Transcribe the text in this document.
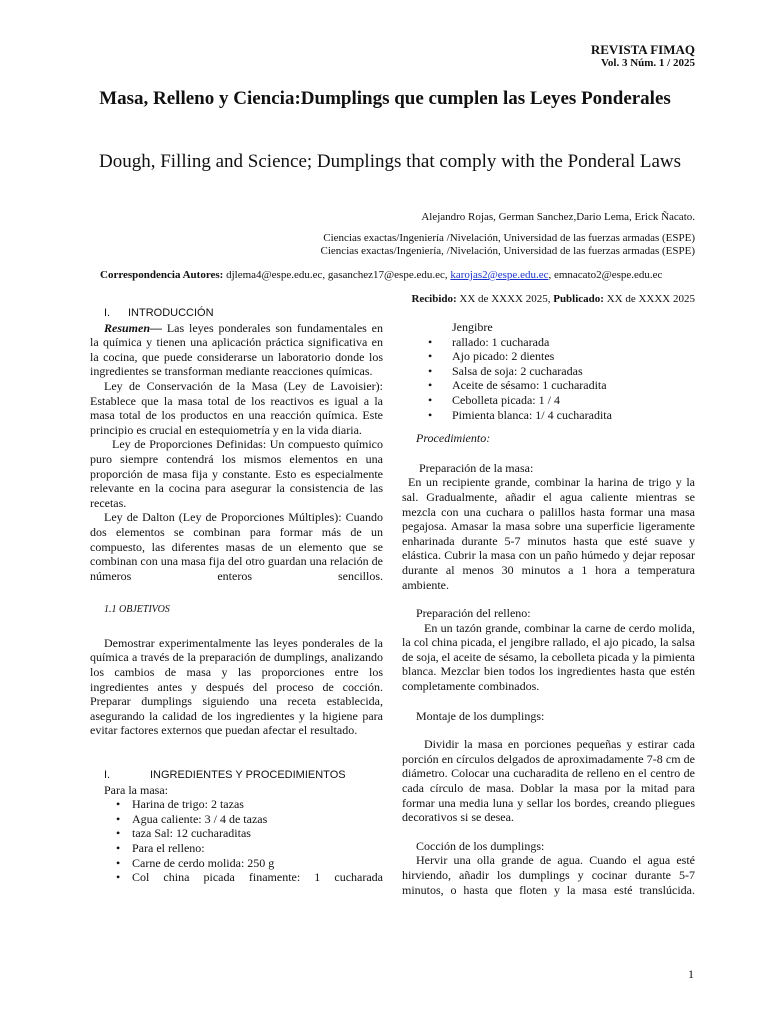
REVISTA FIMAQ
Vol. 3 Núm. 1 / 2025
Masa, Relleno y Ciencia:Dumplings que cumplen las Leyes Ponderales
Dough, Filling and Science; Dumplings that comply with the Ponderal Laws
Alejandro Rojas, German Sanchez,Dario Lema, Erick Ñacato.
Ciencias exactas/Ingeniería /Nivelación, Universidad de las fuerzas armadas (ESPE)
Ciencias exactas/Ingeniería, /Nivelación, Universidad de las fuerzas armadas (ESPE)
Correspondencia Autores: djlema4@espe.edu.ec, gasanchez17@espe.edu.ec, karojas2@espe.edu.ec, emnacato2@espe.edu.ec
Recibido: XX de XXXX 2025, Publicado: XX de XXXX 2025

I. INTRODUCCIÓN

Resumen— Las leyes ponderales son fundamentales en la química y tienen una aplicación práctica significativa en la cocina, que puede considerarse un laboratorio donde los ingredientes se transforman mediante reacciones químicas.

Ley de Conservación de la Masa (Ley de Lavoisier): Establece que la masa total de los reactivos es igual a la masa total de los productos en una reacción química. Este principio es crucial en estequiometría y en la vida diaria.

Ley de Proporciones Definidas: Un compuesto químico puro siempre contendrá los mismos elementos en una proporción de masa fija y constante. Esto es especialmente relevante en la cocina para asegurar la consistencia de las recetas.

Ley de Dalton (Ley de Proporciones Múltiples): Cuando dos elementos se combinan para formar más de un compuesto, las diferentes masas de un elemento que se combinan con una masa fija del otro guardan una relación de números enteros sencillos.

1.1 OBJETIVOS

Demostrar experimentalmente las leyes ponderales de la química a través de la preparación de dumplings, analizando los cambios de masa y las proporciones entre los ingredientes antes y después del proceso de cocción. Preparar dumplings siguiendo una receta establecida, asegurando la calidad de los ingredientes y la higiene para evitar factores externos que puedan afectar el resultado.

I.	INGREDIENTES Y PROCEDIMIENTOS

Para la masa:

• Harina de trigo: 2 tazas
• Agua caliente: 3 / 4 de tazas
• taza Sal: 12 cucharaditas
• Para el relleno:
• Carne de cerdo molida: 250 g
• Col china picada finamente: 1 cucharada

Jengibre

• rallado: 1 cucharada
• Ajo picado: 2 dientes
• Salsa de soja: 2 cucharadas
• Aceite de sésamo: 1 cucharadita
• Cebolleta picada: 1 / 4
• Pimienta blanca: 1/ 4 cucharadita

Procedimiento:

Preparación de la masa:

En un recipiente grande, combinar la harina de trigo y la sal. Gradualmente, añadir el agua caliente mientras se mezcla con una cuchara o palillos hasta formar una masa pegajosa. Amasar la masa sobre una superficie ligeramente enharinada durante 5-7 minutos hasta que esté suave y elástica. Cubrir la masa con un paño húmedo y dejar reposar durante al menos 30 minutos a 1 hora a temperatura ambiente.

Preparación del relleno:

En un tazón grande, combinar la carne de cerdo molida, la col china picada, el jengibre rallado, el ajo picado, la salsa de soja, el aceite de sésamo, la cebolleta picada y la pimienta blanca. Mezclar bien todos los ingredientes hasta que estén completamente combinados.

Montaje de los dumplings:

Dividir la masa en porciones pequeñas y estirar cada porción en círculos delgados de aproximadamente 7-8 cm de diámetro. Colocar una cucharadita de relleno en el centro de cada círculo de masa. Doblar la masa por la mitad para formar una media luna y sellar los bordes, creando pliegues decorativos si se desea.

Cocción de los dumplings:

Hervir una olla grande de agua. Cuando el agua esté hirviendo, añadir los dumplings y cocinar durante 5-7 minutos, o hasta que floten y la masa esté translúcida.

1
